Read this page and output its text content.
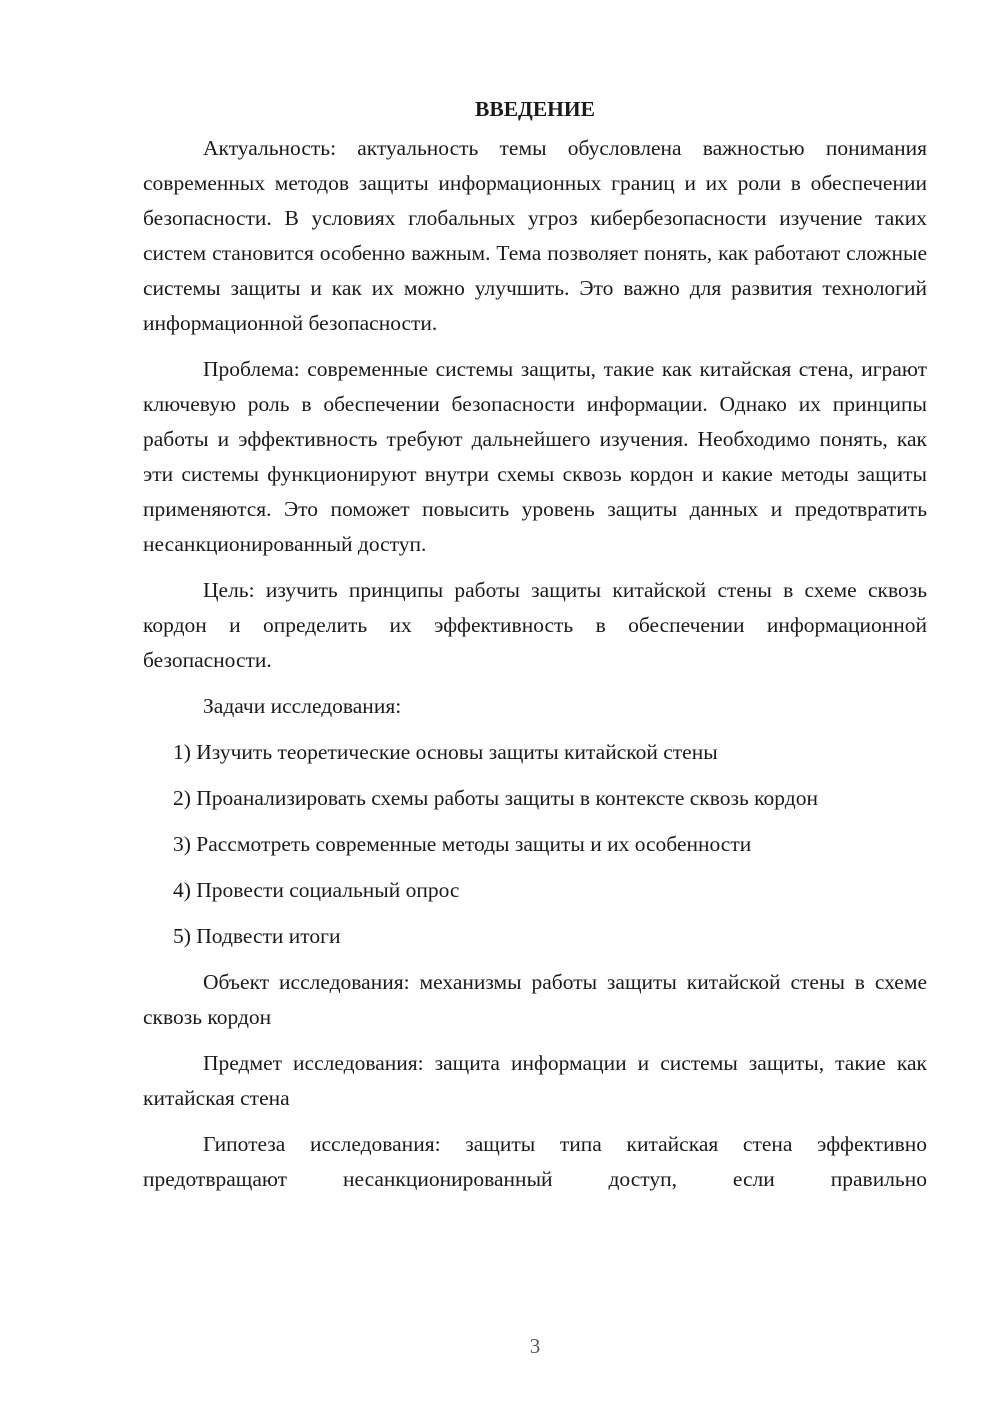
ВВЕДЕНИЕ

Актуальность: актуальность темы обусловлена важностью понимания современных методов защиты информационных границ и их роли в обеспечении безопасности. В условиях глобальных угроз кибербезопасности изучение таких систем становится особенно важным. Тема позволяет понять, как работают сложные системы защиты и как их можно улучшить. Это важно для развития технологий информационной безопасности.

Проблема: современные системы защиты, такие как китайская стена, играют ключевую роль в обеспечении безопасности информации. Однако их принципы работы и эффективность требуют дальнейшего изучения. Необходимо понять, как эти системы функционируют внутри схемы сквозь кордон и какие методы защиты применяются. Это поможет повысить уровень защиты данных и предотвратить несанкционированный доступ.

Цель: изучить принципы работы защиты китайской стены в схеме сквозь кордон и определить их эффективность в обеспечении информационной безопасности.

Задачи исследования:

1) Изучить теоретические основы защиты китайской стены

2) Проанализировать схемы работы защиты в контексте сквозь кордон

3) Рассмотреть современные методы защиты и их особенности

4) Провести социальный опрос

5) Подвести итоги

Объект исследования: механизмы работы защиты китайской стены в схеме сквозь кордон

Предмет исследования: защита информации и системы защиты, такие как китайская стена

Гипотеза исследования: защиты типа китайская стена эффективно предотвращают несанкционированный доступ, если правильно

3
